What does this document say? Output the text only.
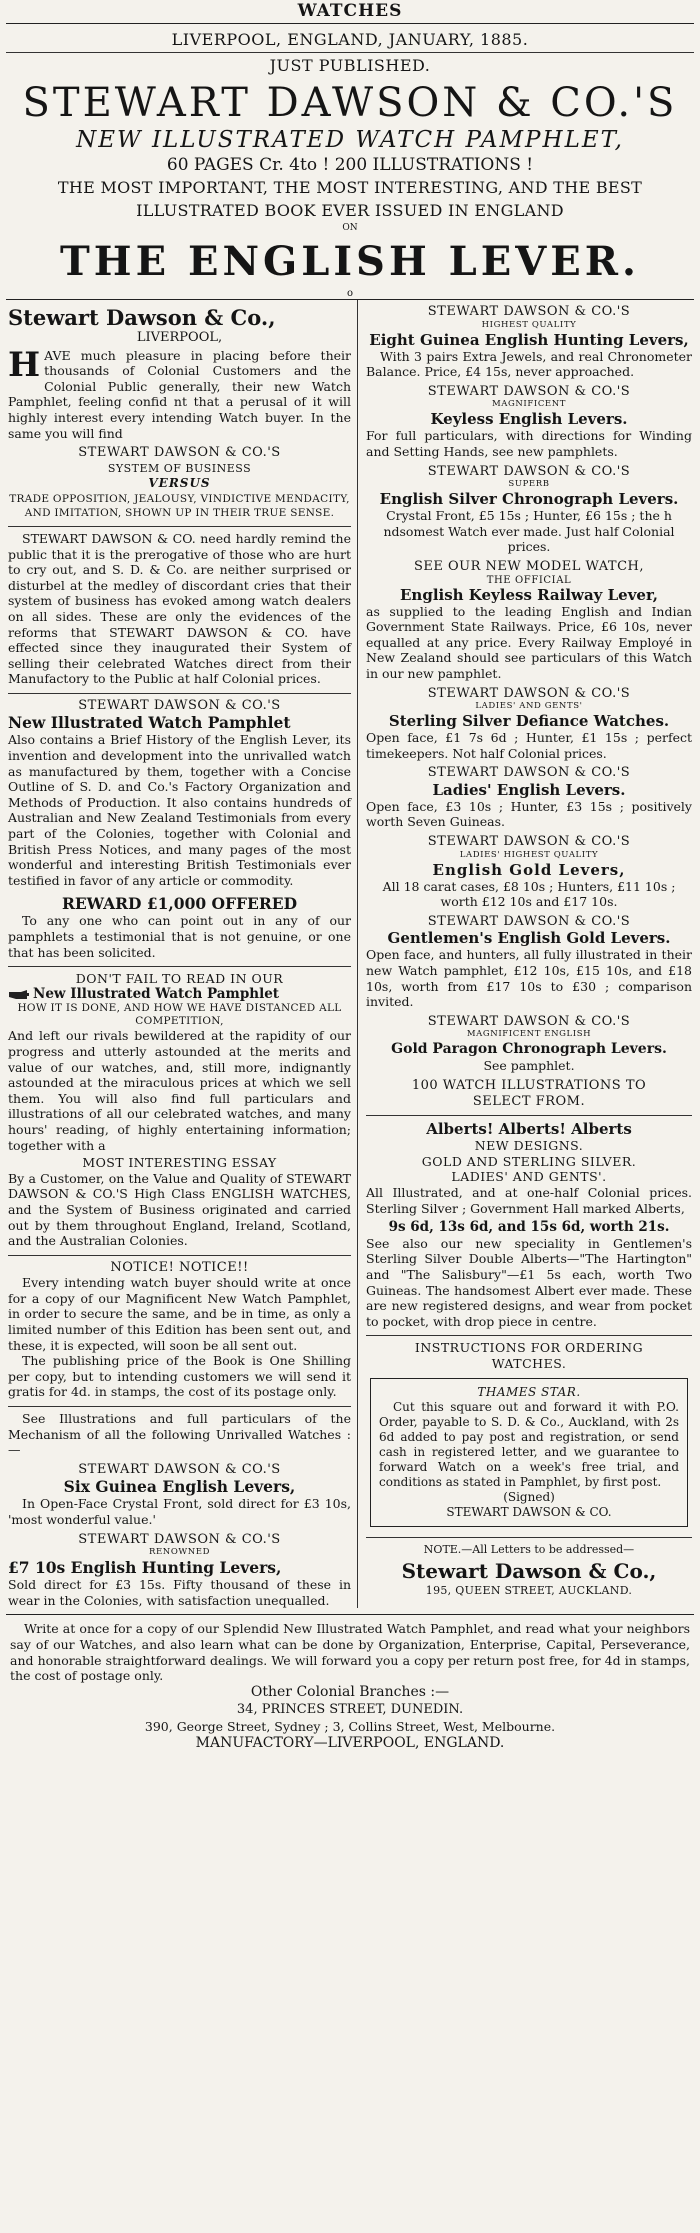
WATCHES
LIVERPOOL, ENGLAND, JANUARY, 1885.
JUST PUBLISHED.
STEWART DAWSON & CO.'S
NEW ILLUSTRATED WATCH PAMPHLET,
60 PAGES Cr. 4to ! 200 ILLUSTRATIONS !
THE MOST IMPORTANT, THE MOST INTERESTING, AND THE BEST
ILLUSTRATED BOOK EVER ISSUED IN ENGLAND
ON
THE ENGLISH LEVER.
o
Stewart Dawson & Co.,
LIVERPOOL,

HAVE much pleasure in placing before their thousands of Colonial Customers and the Colonial Public generally, their new Watch Pamphlet, feeling confid nt that a perusal of it will highly interest every intending Watch buyer. In the same you will find

STEWART DAWSON & CO.'S
SYSTEM OF BUSINESS
VERSUS

TRADE OPPOSITION, JEALOUSY, VINDICTIVE MENDACITY, AND IMITATION, SHOWN UP IN THEIR TRUE SENSE.

STEWART DAWSON & CO. need hardly remind the public that it is the prerogative of those who are hurt to cry out, and S. D. & Co. are neither surprised or disturbel at the medley of discordant cries that their system of business has evoked among watch dealers on all sides. These are only the evidences of the reforms that STEWART DAWSON & CO. have effected since they inaugurated their System of selling their celebrated Watches direct from their Manufactory to the Public at half Colonial prices.

STEWART DAWSON & CO.'S
New Illustrated Watch Pamphlet

Also contains a Brief History of the English Lever, its invention and development into the unrivalled watch as manufactured by them, together with a Concise Outline of S. D. and Co.'s Factory Organization and Methods of Production. It also contains hundreds of Australian and New Zealand Testimonials from every part of the Colonies, together with Colonial and British Press Notices, and many pages of the most wonderful and interesting British Testimonials ever testified in favor of any article or commodity.

REWARD £1,000 OFFERED

To any one who can point out in any of our pamphlets a testimonial that is not genuine, or one that has been solicited.

DON'T FAIL TO READ IN OUR
New Illustrated Watch Pamphlet

HOW IT IS DONE, AND HOW WE HAVE DISTANCED ALL COMPETITION,

And left our rivals bewildered at the rapidity of our progress and utterly astounded at the merits and value of our watches, and, still more, indignantly astounded at the miraculous prices at which we sell them. You will also find full particulars and illustrations of all our celebrated watches, and many hours' reading, of highly entertaining information; together with a

MOST INTERESTING ESSAY

By a Customer, on the Value and Quality of STEWART DAWSON & CO.'S High Class ENGLISH WATCHES, and the System of Business originated and carried out by them throughout England, Ireland, Scotland, and the Australian Colonies.

NOTICE! NOTICE!!

Every intending watch buyer should write at once for a copy of our Magnificent New Watch Pamphlet, in order to secure the same, and be in time, as only a limited number of this Edition has been sent out, and these, it is expected, will soon be all sent out.

The publishing price of the Book is One Shilling per copy, but to intending customers we will send it gratis for 4d. in stamps, the cost of its postage only.

See Illustrations and full particulars of the Mechanism of all the following Unrivalled Watches :—

STEWART DAWSON & CO.'S
Six Guinea English Levers,

In Open-Face Crystal Front, sold direct for £3 10s, 'most wonderful value.'

STEWART DAWSON & CO.'S
RENOWNED
£7 10s English Hunting Levers,

Sold direct for £3 15s. Fifty thousand of these in wear in the Colonies, with satisfaction unequalled.

STEWART DAWSON & CO.'S
HIGHEST QUALITY
Eight Guinea English Hunting Levers,

With 3 pairs Extra Jewels, and real Chronometer Balance. Price, £4 15s, never approached.

STEWART DAWSON & CO.'S
MAGNIFICENT
Keyless English Levers.

For full particulars, with directions for Winding and Setting Hands, see new pamphlets.

STEWART DAWSON & CO.'S
SUPERB
English Silver Chronograph Levers.

Crystal Front, £5 15s ; Hunter, £6 15s ; the h ndsomest Watch ever made. Just half Colonial prices.

SEE OUR NEW MODEL WATCH,
THE OFFICIAL
English Keyless Railway Lever,

as supplied to the leading English and Indian Government State Railways. Price, £6 10s, never equalled at any price. Every Railway Employé in New Zealand should see particulars of this Watch in our new pamphlet.

STEWART DAWSON & CO.'S
LADIES' AND GENTS'
Sterling Silver Defiance Watches.

Open face, £1 7s 6d ; Hunter, £1 15s ; perfect timekeepers. Not half Colonial prices.

STEWART DAWSON & CO.'S
Ladies' English Levers.

Open face, £3 10s ; Hunter, £3 15s ; positively worth Seven Guineas.

STEWART DAWSON & CO.'S
LADIES' HIGHEST QUALITY
English Gold Levers,

All 18 carat cases, £8 10s ; Hunters, £11 10s ; worth £12 10s and £17 10s.

STEWART DAWSON & CO.'S
Gentlemen's English Gold Levers.

Open face, and hunters, all fully illustrated in their new Watch pamphlet, £12 10s, £15 10s, and £18 10s, worth from £17 10s to £30 ; comparison invited.

STEWART DAWSON & CO.'S
MAGNIFICENT ENGLISH
Gold Paragon Chronograph Levers.

See pamphlet.

100 WATCH ILLUSTRATIONS TO
SELECT FROM.
Alberts! Alberts! Alberts
NEW DESIGNS.
GOLD AND STERLING SILVER.
LADIES' AND GENTS'.

All Illustrated, and at one-half Colonial prices. Sterling Silver ; Government Hall marked Alberts,

9s 6d, 13s 6d, and 15s 6d, worth 21s.

See also our new speciality in Gentlemen's Sterling Silver Double Alberts—"The Hartington" and "The Salisbury"—£1 5s each, worth Two Guineas. The handsomest Albert ever made. These are new registered designs, and wear from pocket to pocket, with drop piece in centre.

INSTRUCTIONS FOR ORDERING
WATCHES.
THAMES STAR.

Cut this square out and forward it with P.O. Order, payable to S. D. & Co., Auckland, with 2s 6d added to pay post and registration, or send cash in registered letter, and we guarantee to forward Watch on a week's free trial, and conditions as stated in Pamphlet, by first post.

(Signed)
STEWART DAWSON & CO.
NOTE.—All Letters to be addressed—
Stewart Dawson & Co.,
195, QUEEN STREET, AUCKLAND.

Write at once for a copy of our Splendid New Illustrated Watch Pamphlet, and read what your neighbors say of our Watches, and also learn what can be done by Organization, Enterprise, Capital, Perseverance, and honorable straightforward dealings. We will forward you a copy per return post free, for 4d in stamps, the cost of postage only.

Other Colonial Branches :—
34, PRINCES STREET, DUNEDIN.
390, George Street, Sydney ; 3, Collins Street, West, Melbourne.
MANUFACTORY—LIVERPOOL, ENGLAND.
